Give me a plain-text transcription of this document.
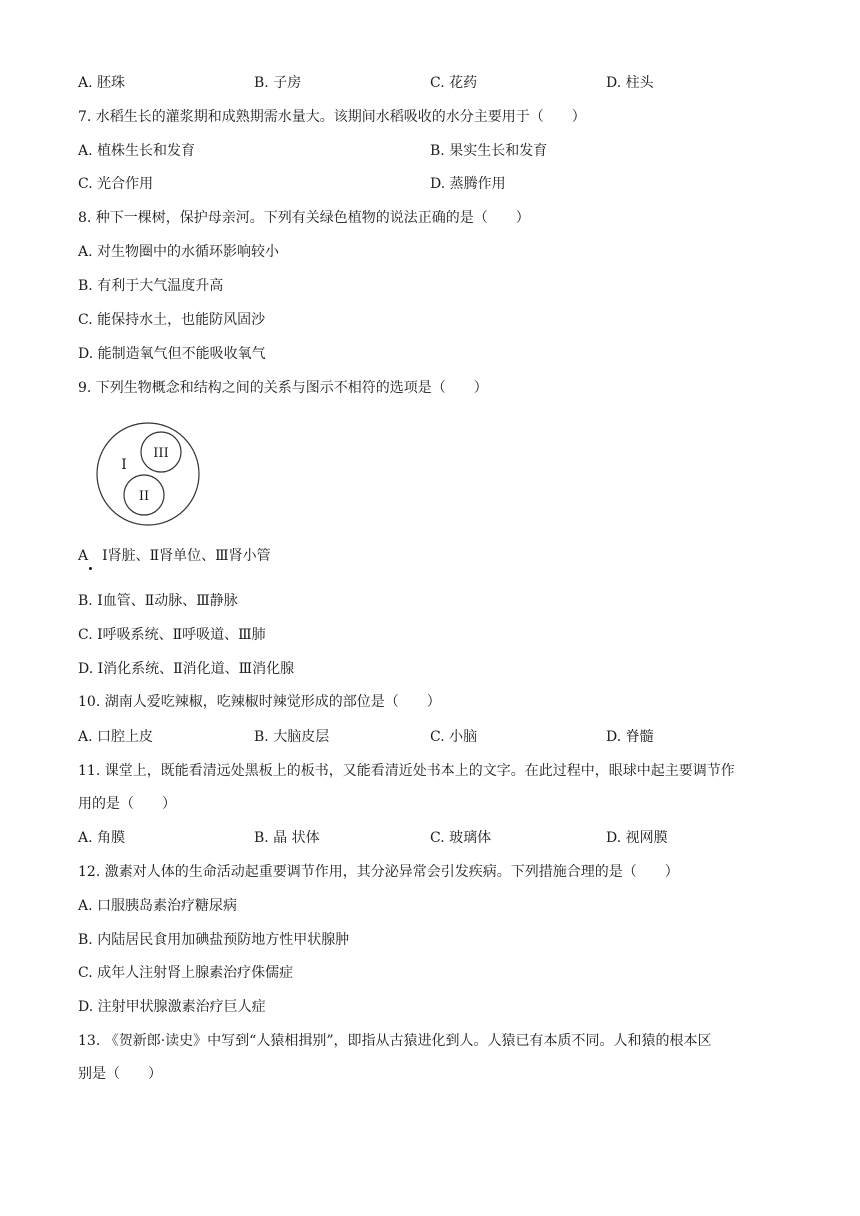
A. 胚珠	B. 子房	C. 花药	D. 柱头
7. 水稻生长的灌浆期和成熟期需水量大。该期间水稻吸收的水分主要用于（　　）
A. 植株生长和发育	B. 果实生长和发育
C. 光合作用	D. 蒸腾作用
8. 种下一棵树，保护母亲河。下列有关绿色植物的说法正确的是（　　）
A. 对生物圈中的水循环影响较小
B. 有利于大气温度升高
C. 能保持水土，也能防风固沙
D. 能制造氧气但不能吸收氧气
9. 下列生物概念和结构之间的关系与图示不相符的选项是（　　）
I
III
II
A　Ⅰ肾脏、Ⅱ肾单位、Ⅲ肾小管
B. Ⅰ血管、Ⅱ动脉、Ⅲ静脉
C. Ⅰ呼吸系统、Ⅱ呼吸道、Ⅲ肺
D. Ⅰ消化系统、Ⅱ消化道、Ⅲ消化腺
10. 湖南人爱吃辣椒，吃辣椒时辣觉形成的部位是（　　）
A. 口腔上皮	B. 大脑皮层	C. 小脑	D. 脊髓
11. 课堂上，既能看清远处黑板上的板书，又能看清近处书本上的文字。在此过程中，眼球中起主要调节作
用的是（　　）
A. 角膜	B. 晶 状体	C. 玻璃体	D. 视网膜
12. 激素对人体的生命活动起重要调节作用，其分泌异常会引发疾病。下列措施合理的是（　　）
A. 口服胰岛素治疗糖尿病
B. 内陆居民食用加碘盐预防地方性甲状腺肿
C. 成年人注射肾上腺素治疗侏儒症
D. 注射甲状腺激素治疗巨人症
13. 《贺新郎·读史》中写到“人猿相揖别”，即指从古猿进化到人。人猿已有本质不同。人和猿的根本区
别是（　　）
